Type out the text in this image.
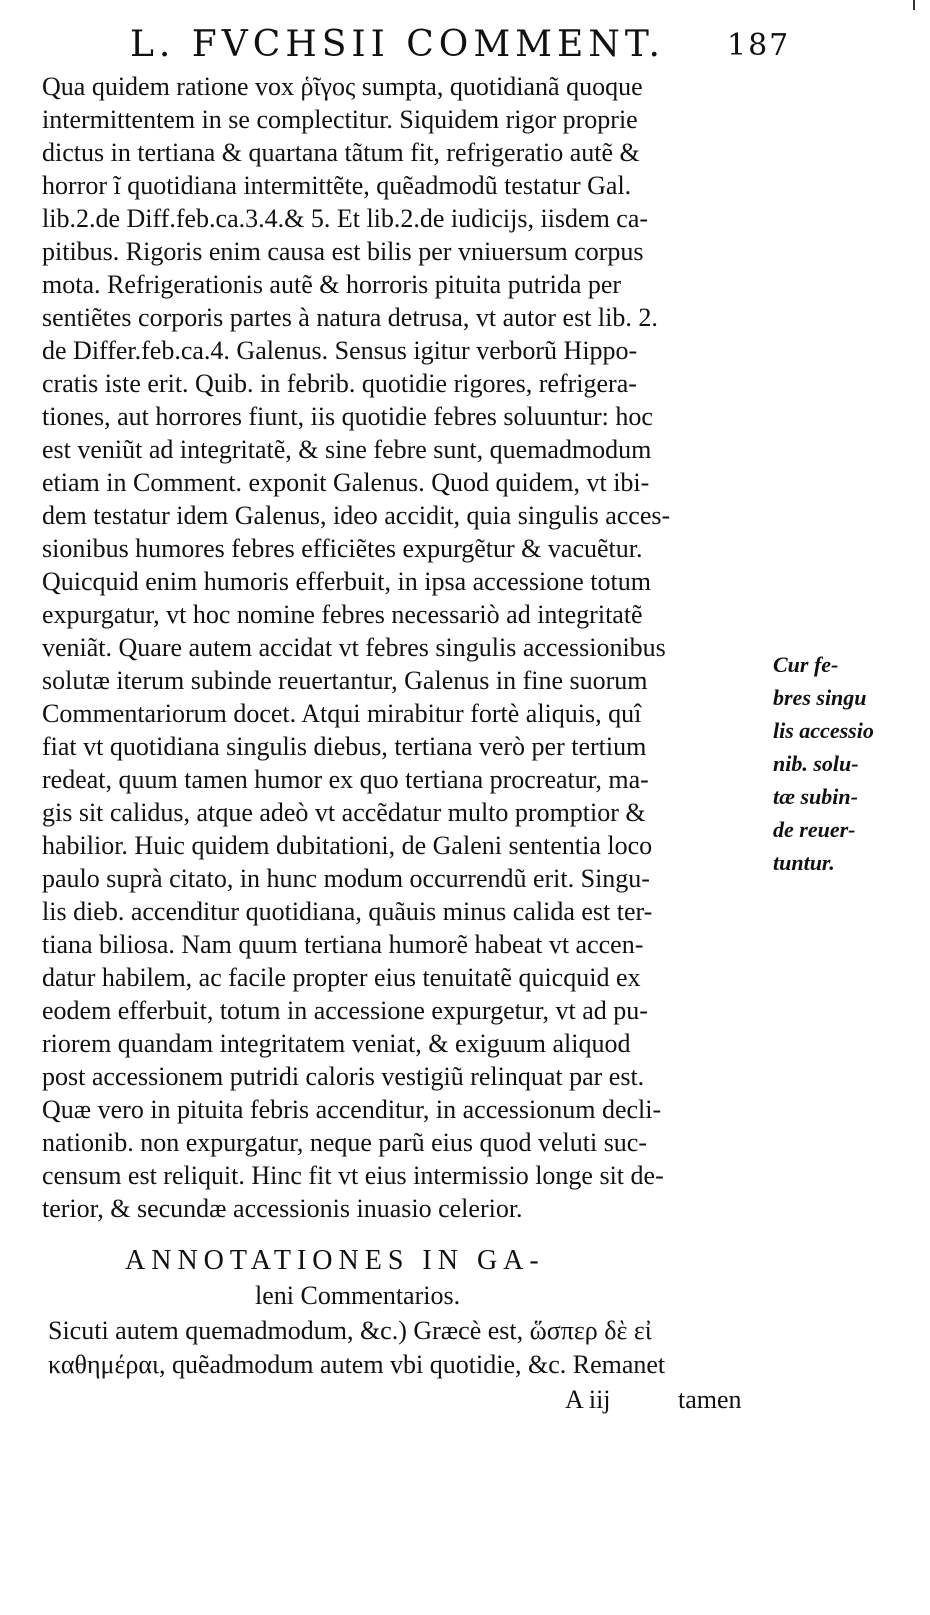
L. FVCHSII COMMENT. 187
Qua quidem ratione vox ῥῖγος sumpta, quotidianã quoque
intermittentem in se complectitur. Siquidem rigor proprie
dictus in tertiana & quartana tãtum fit, refrigeratio autẽ &
horror ĩ quotidiana intermittẽte, quẽadmodũ testatur Gal.
lib.2.de Diff.feb.ca.3.4.& 5. Et lib.2.de iudicijs, iisdem ca-
pitibus. Rigoris enim causa est bilis per vniuersum corpus
mota. Refrigerationis autẽ & horroris pituita putrida per
sentiẽtes corporis partes à natura detrusa, vt autor est lib. 2.
de Differ.feb.ca.4. Galenus. Sensus igitur verborũ Hippo-
cratis iste erit. Quib. in febrib. quotidie rigores, refrigera-
tiones, aut horrores fiunt, iis quotidie febres soluuntur: hoc
est veniũt ad integritatẽ, & sine febre sunt, quemadmodum
etiam in Comment. exponit Galenus. Quod quidem, vt ibi-
dem testatur idem Galenus, ideo accidit, quia singulis acces-
sionibus humores febres efficiẽtes expurgẽtur & vacuẽtur.
Quicquid enim humoris efferbuit, in ipsa accessione totum
expurgatur, vt hoc nomine febres necessariò ad integritatẽ
veniãt. Quare autem accidat vt febres singulis accessionibus
solutæ iterum subinde reuertantur, Galenus in fine suorum
Commentariorum docet. Atqui mirabitur fortè aliquis, quî
fiat vt quotidiana singulis diebus, tertiana verò per tertium
redeat, quum tamen humor ex quo tertiana procreatur, ma-
gis sit calidus, atque adeò vt accẽdatur multo promptior &
habilior. Huic quidem dubitationi, de Galeni sententia loco
paulo suprà citato, in hunc modum occurrendũ erit. Singu-
lis dieb. accenditur quotidiana, quãuis minus calida est ter-
tiana biliosa. Nam quum tertiana humorẽ habeat vt accen-
datur habilem, ac facile propter eius tenuitatẽ quicquid ex
eodem efferbuit, totum in accessione expurgetur, vt ad pu-
riorem quandam integritatem veniat, & exiguum aliquod
post accessionem putridi caloris vestigiũ relinquat par est.
Quæ vero in pituita febris accenditur, in accessionum decli-
nationib. non expurgatur, neque parũ eius quod veluti suc-
censum est reliquit. Hinc fit vt eius intermissio longe sit de-
terior, & secundæ accessionis inuasio celerior.
Cur fe-
bres singu
lis accessio
nib. solu-
tæ subin-
de reuer-
tuntur.
ANNOTATIONES IN GA-
leni Commentarios.
Sicuti autem quemadmodum, &c.) Græcè est, ὥσπερ δὲ εἰ
καθημέραι, quẽadmodum autem vbi quotidie, &c. Remanet
A iij	tamen
